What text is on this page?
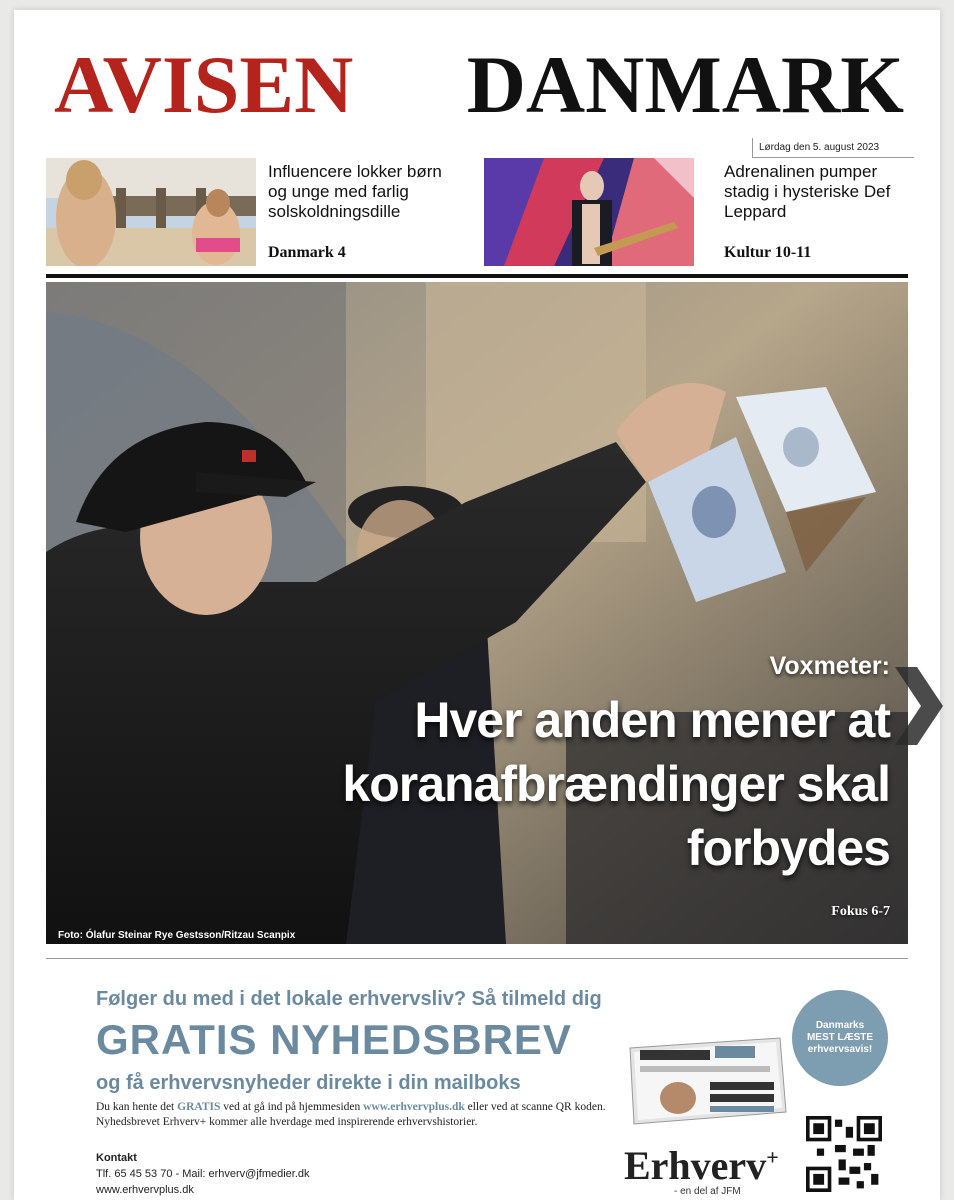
AVISEN DANMARK
Lørdag den 5. august 2023
Influencere lokker børn og unge med farlig solskoldningsdille
Danmark 4
Adrenalinen pumper stadig i hysteriske Def Leppard
Kultur 10-11
Voxmeter:
Hver anden mener at koranafbrændinger skal forbydes
Fokus 6-7
Foto: Ólafur Steinar Rye Gestsson/Ritzau Scanpix
Følger du med i det lokale erhvervsliv? Så tilmeld dig
GRATIS NYHEDSBREV
og få erhvervsnyheder direkte i din mailboks
Du kan hente det GRATIS ved at gå ind på hjemmesiden www.erhvervplus.dk eller ved at scanne QR koden. Nyhedsbrevet Erhverv+ kommer alle hverdage med inspirerende erhvervshistorier.
Kontakt
Tlf. 65 45 53 70 - Mail: erhverv@jfmedier.dk
www.erhvervplus.dk
Danmarks
MEST LÆSTE
erhvervsavis!
Erhverv+
- en del af JFM
